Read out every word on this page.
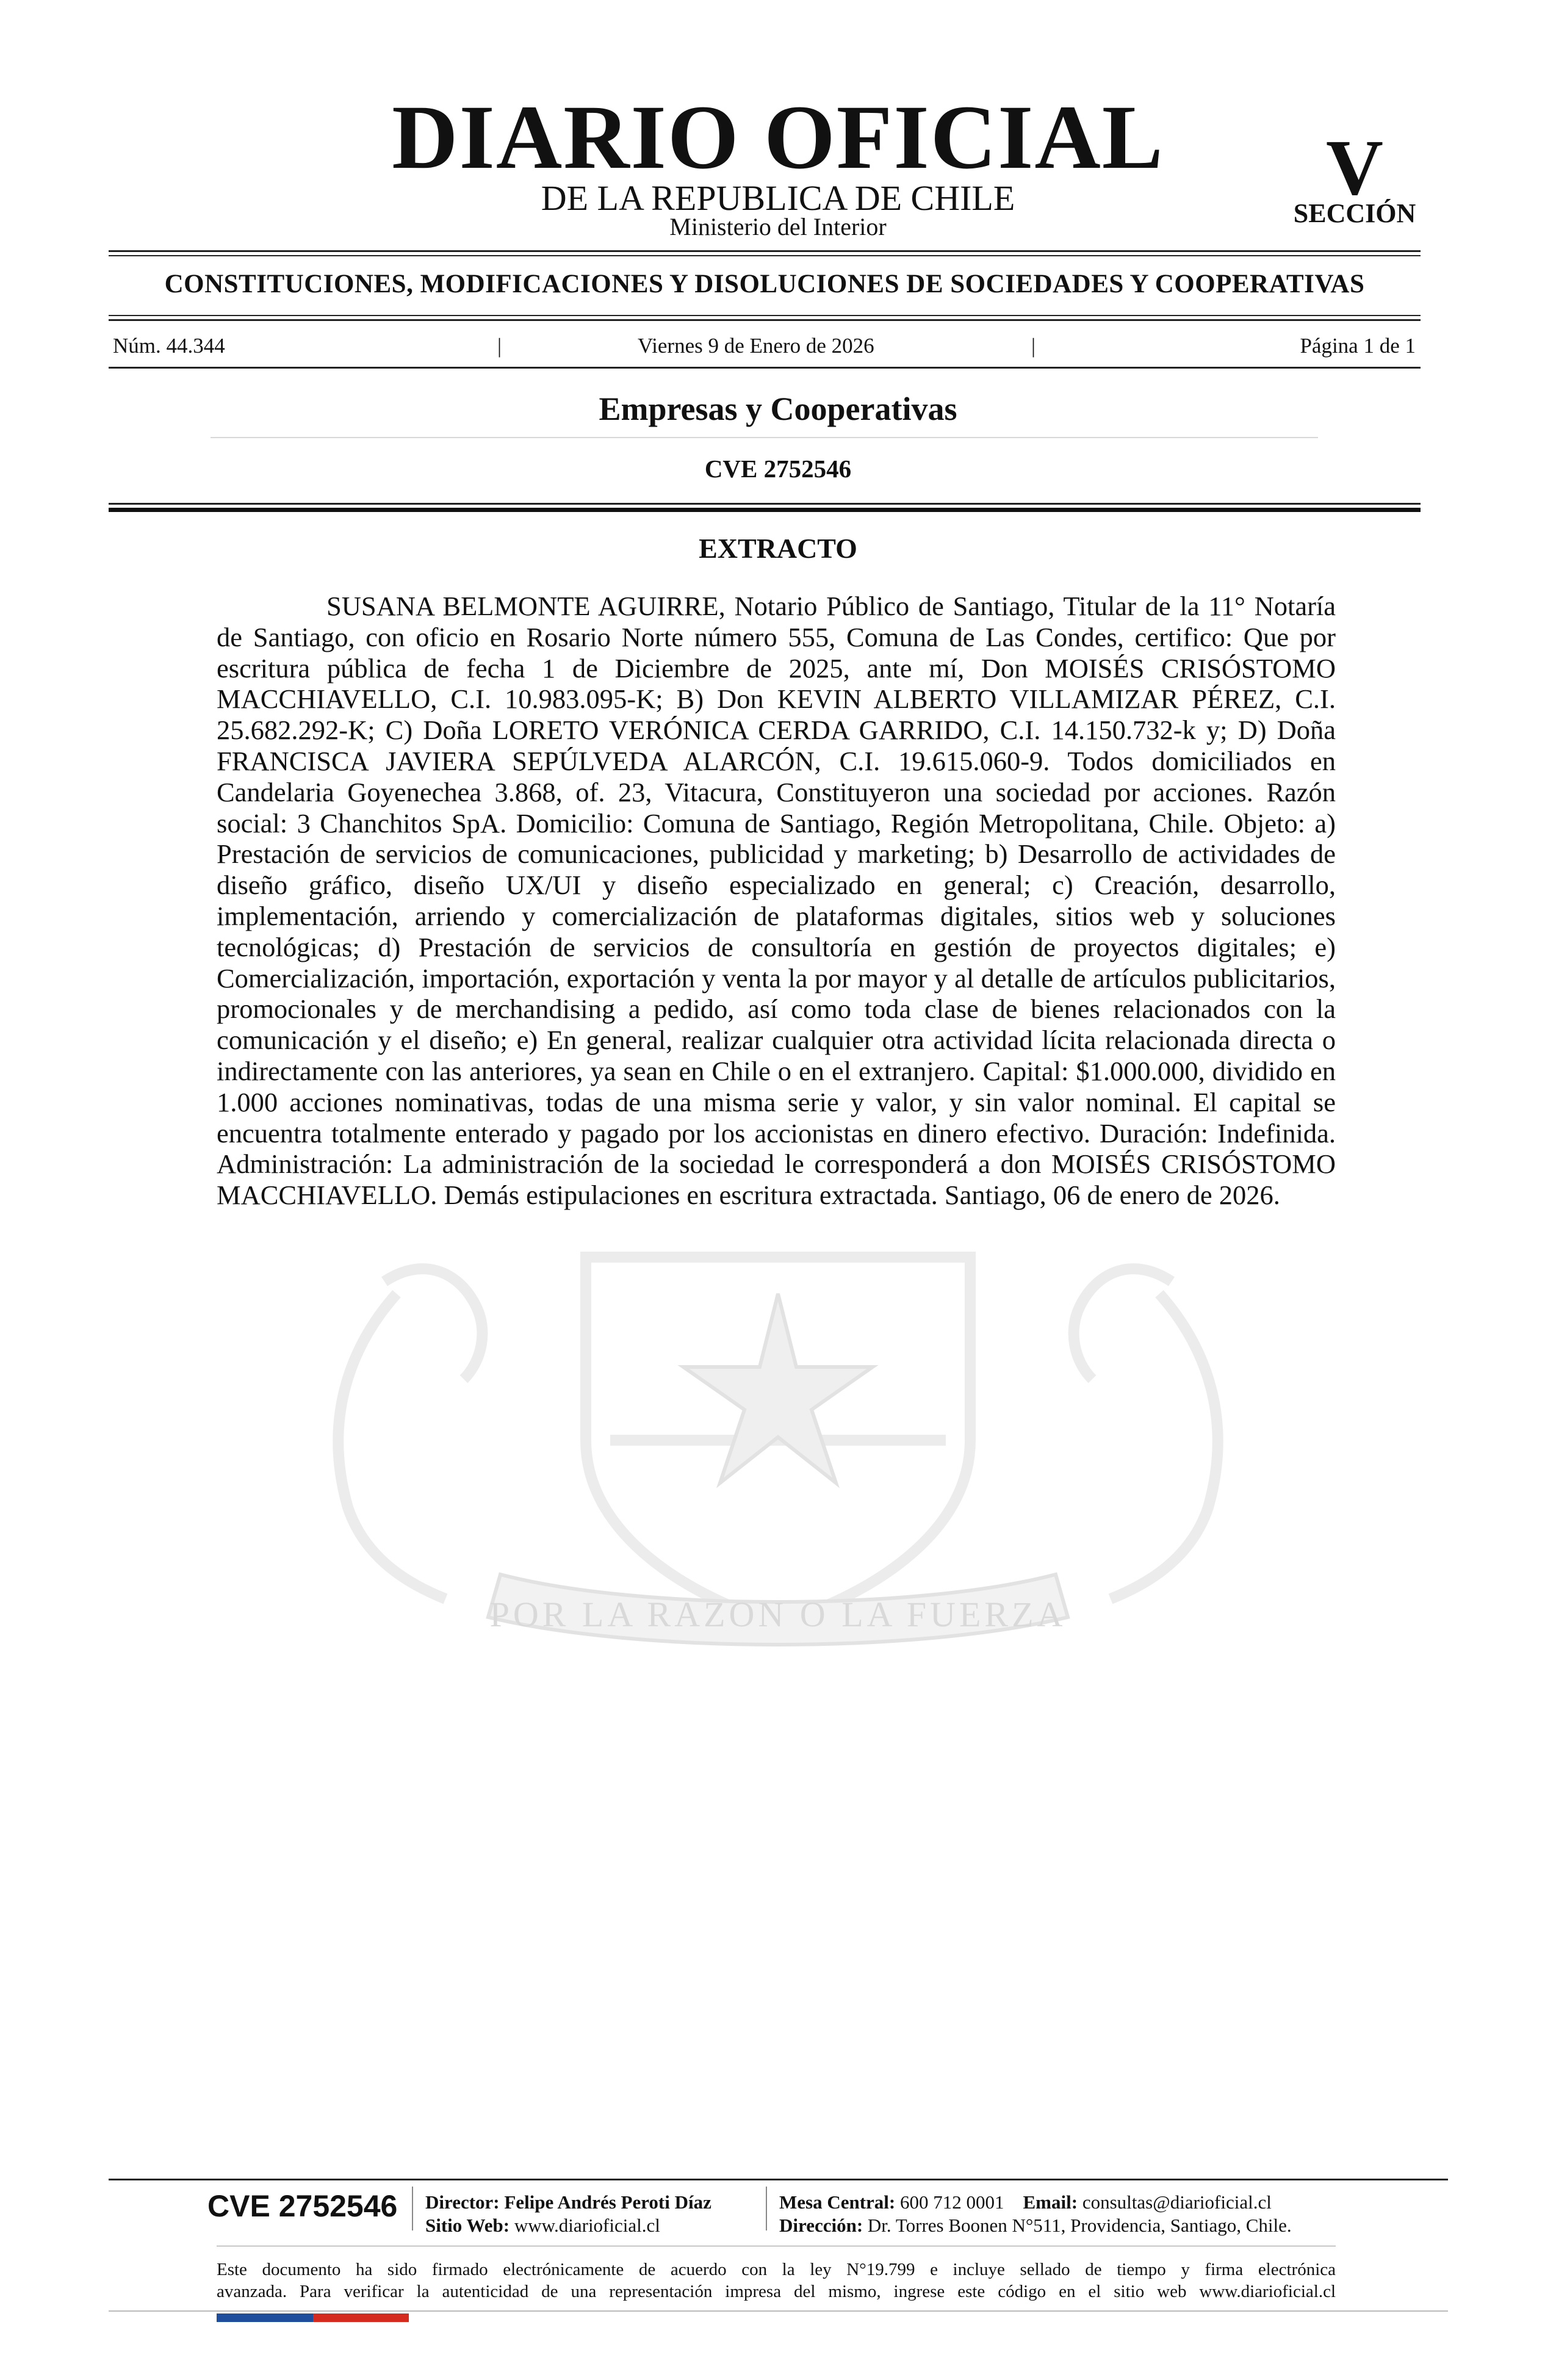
DIARIO OFICIAL
DE LA REPUBLICA DE CHILE
Ministerio del Interior
V
SECCIÓN
CONSTITUCIONES, MODIFICACIONES Y DISOLUCIONES DE SOCIEDADES Y COOPERATIVAS
Núm. 44.344	|	Viernes 9 de Enero de 2026	|	Página 1 de 1
Empresas y Cooperativas
CVE 2752546
POR LA RAZON O LA FUERZA
EXTRACTO
SUSANA BELMONTE AGUIRRE, Notario Público de Santiago, Titular de la 11° Notaría de Santiago, con oficio en Rosario Norte número 555, Comuna de Las Condes, certifico: Que por escritura pública de fecha 1 de Diciembre de 2025, ante mí, Don MOISÉS CRISÓSTOMO MACCHIAVELLO, C.I. 10.983.095-K; B) Don KEVIN ALBERTO VILLAMIZAR PÉREZ, C.I. 25.682.292-K; C) Doña LORETO VERÓNICA CERDA GARRIDO, C.I. 14.150.732-k y; D) Doña FRANCISCA JAVIERA SEPÚLVEDA ALARCÓN, C.I. 19.615.060-9. Todos domiciliados en Candelaria Goyenechea 3.868, of. 23, Vitacura, Constituyeron una sociedad por acciones. Razón social: 3 Chanchitos SpA. Domicilio: Comuna de Santiago, Región Metropolitana, Chile. Objeto: a) Prestación de servicios de comunicaciones, publicidad y marketing; b) Desarrollo de actividades de diseño gráfico, diseño UX/UI y diseño especializado en general; c) Creación, desarrollo, implementación, arriendo y comercialización de plataformas digitales, sitios web y soluciones tecnológicas; d) Prestación de servicios de consultoría en gestión de proyectos digitales; e) Comercialización, importación, exportación y venta la por mayor y al detalle de artículos publicitarios, promocionales y de merchandising a pedido, así como toda clase de bienes relacionados con la comunicación y el diseño; e) En general, realizar cualquier otra actividad lícita relacionada directa o indirectamente con las anteriores, ya sean en Chile o en el extranjero. Capital: $1.000.000, dividido en 1.000 acciones nominativas, todas de una misma serie y valor, y sin valor nominal. El capital se encuentra totalmente enterado y pagado por los accionistas en dinero efectivo. Duración: Indefinida. Administración: La administración de la sociedad le corresponderá a don MOISÉS CRISÓSTOMO MACCHIAVELLO. Demás estipulaciones en escritura extractada. Santiago, 06 de enero de 2026.
CVE 2752546 Director: Felipe Andrés Peroti Díaz
Sitio Web: www.diarioficial.cl
Mesa Central: 600 712 0001 Email: consultas@diarioficial.cl
Dirección: Dr. Torres Boonen N°511, Providencia, Santiago, Chile.
Este documento ha sido firmado electrónicamente de acuerdo con la ley N°19.799 e incluye sellado de tiempo y firma electrónica
avanzada. Para verificar la autenticidad de una representación impresa del mismo, ingrese este código en el sitio web www.diarioficial.cl
